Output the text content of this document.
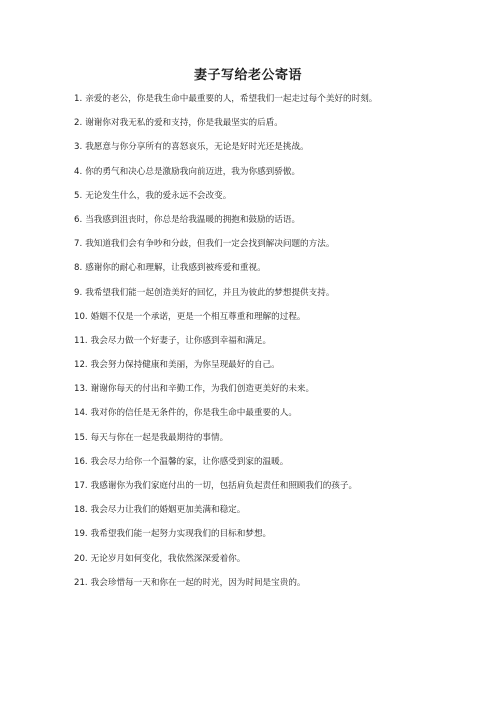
妻子写给老公寄语
1. 亲爱的老公，你是我生命中最重要的人，希望我们一起走过每个美好的时刻。
2. 谢谢你对我无私的爱和支持，你是我最坚实的后盾。
3. 我愿意与你分享所有的喜怒哀乐，无论是好时光还是挑战。
4. 你的勇气和决心总是激励我向前迈进，我为你感到骄傲。
5. 无论发生什么，我的爱永远不会改变。
6. 当我感到沮丧时，你总是给我温暖的拥抱和鼓励的话语。
7. 我知道我们会有争吵和分歧，但我们一定会找到解决问题的方法。
8. 感谢你的耐心和理解，让我感到被疼爱和重视。
9. 我希望我们能一起创造美好的回忆，并且为彼此的梦想提供支持。
10. 婚姻不仅是一个承诺，更是一个相互尊重和理解的过程。
11. 我会尽力做一个好妻子，让你感到幸福和满足。
12. 我会努力保持健康和美丽，为你呈现最好的自己。
13. 谢谢你每天的付出和辛勤工作，为我们创造更美好的未来。
14. 我对你的信任是无条件的，你是我生命中最重要的人。
15. 每天与你在一起是我最期待的事情。
16. 我会尽力给你一个温馨的家，让你感受到家的温暖。
17. 我感谢你为我们家庭付出的一切，包括肩负起责任和照顾我们的孩子。
18. 我会尽力让我们的婚姻更加美满和稳定。
19. 我希望我们能一起努力实现我们的目标和梦想。
20. 无论岁月如何变化，我依然深深爱着你。
21. 我会珍惜每一天和你在一起的时光，因为时间是宝贵的。
